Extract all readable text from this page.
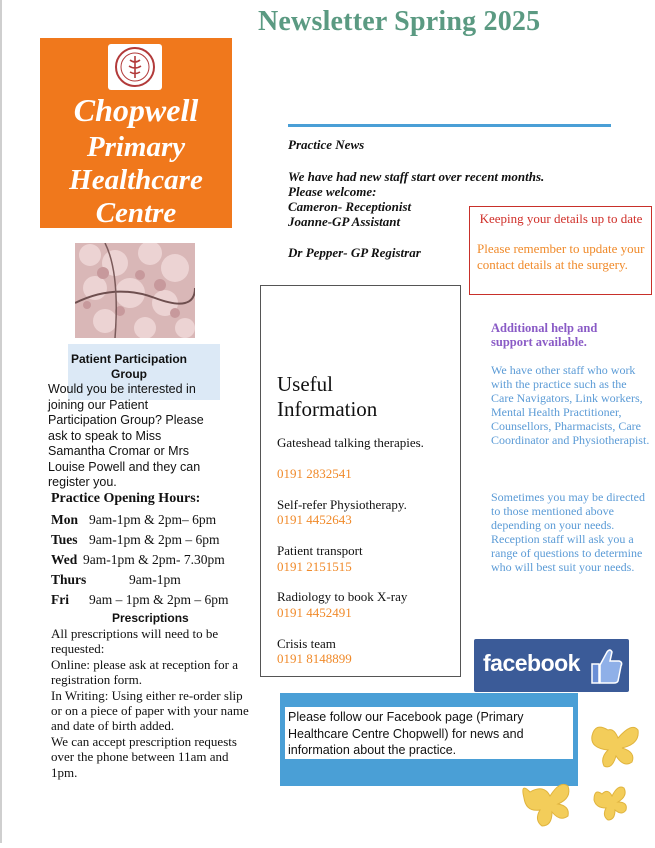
Newsletter Spring 2025
Chopwell
Primary
Healthcare
Centre
Patient Participation Group
Would you be interested in joining our Patient Participation Group? Please ask to speak to Miss Samantha Cromar or Mrs Louise Powell and they can register you.
Practice Opening Hours:
Mon 9am-1pm & 2pm– 6pm
Tues 9am-1pm & 2pm – 6pm
Wed 9am-1pm & 2pm- 7.30pm
Thurs	9am-1pm
Fri 9am – 1pm & 2pm – 6pm
Prescriptions
All prescriptions will need to be requested:
Online: please ask at reception for a registration form.
In Writing: Using either re-order slip or on a piece of paper with your name and date of birth added.
We can accept prescription requests over the phone between 11am and 1pm.
Practice News
We have had new staff start over recent months.
Please welcome:
Cameron- Receptionist
Joanne-GP Assistant
Dr Pepper- GP Registrar
Keeping your details up to date
Please remember to update your contact details at the surgery.
Useful Information
Gateshead talking therapies.
0191 2832541
Self-refer Physiotherapy.
0191 4452643
Patient transport
0191 2151515
Radiology to book X-ray
0191 4452491
Crisis team
0191 8148899
Additional help and support available.
We have other staff who work with the practice such as the Care Navigators, Link workers, Mental Health Practitioner, Counsellors, Pharmacists, Care Coordinator and Physiotherapist.
Sometimes you may be directed to those mentioned above depending on your needs.
Reception staff will ask you a range of questions to determine who will best suit your needs.
facebook
Please follow our Facebook page (Primary Healthcare Centre Chopwell) for news and information about the practice.
